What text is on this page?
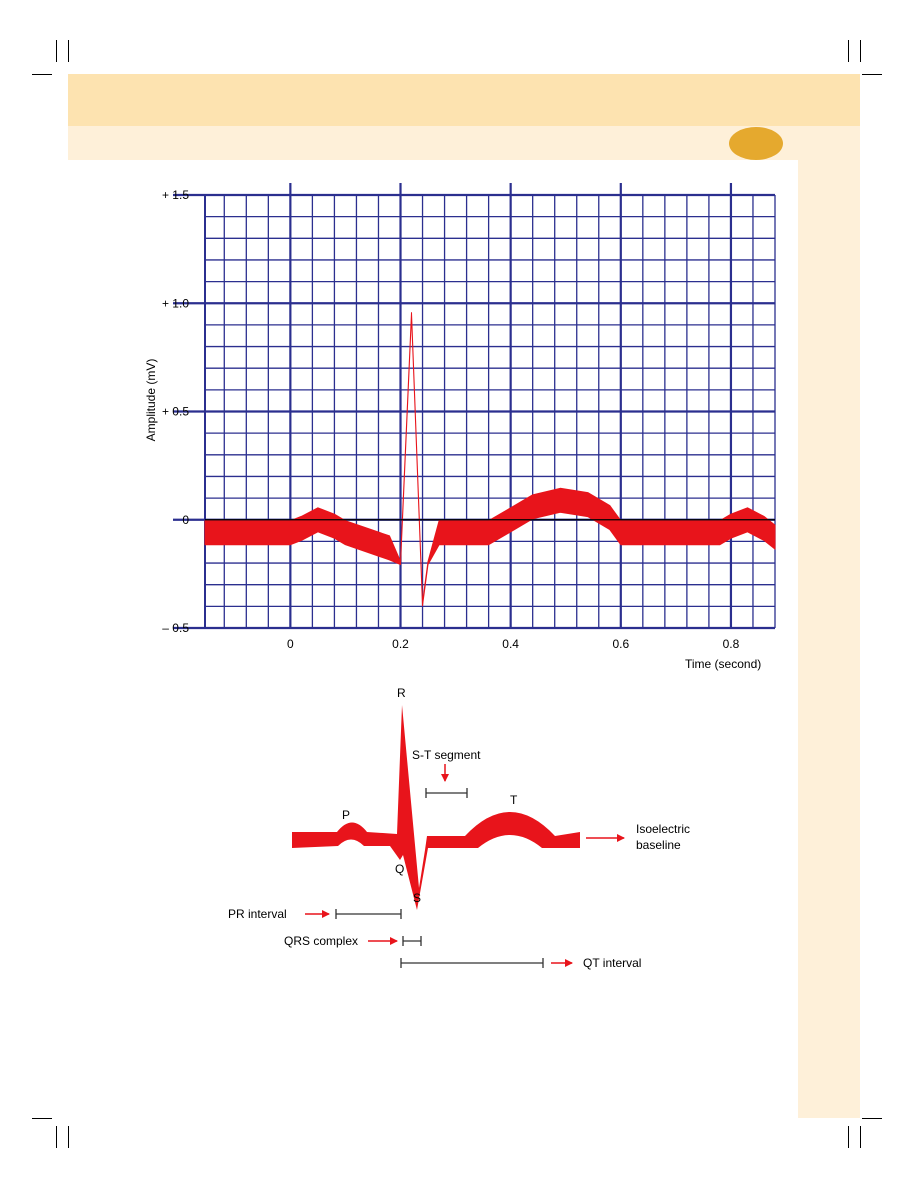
– 0.5
0
+ 0.5
+ 1.0
+ 1.5
0	0.2	0.4	0.6	0.8
Time (second)
Amplitude (mV)
P
R
Q
S
T
S-T segment
Isoelectric
baseline
PR interval
QRS complex
QT interval
